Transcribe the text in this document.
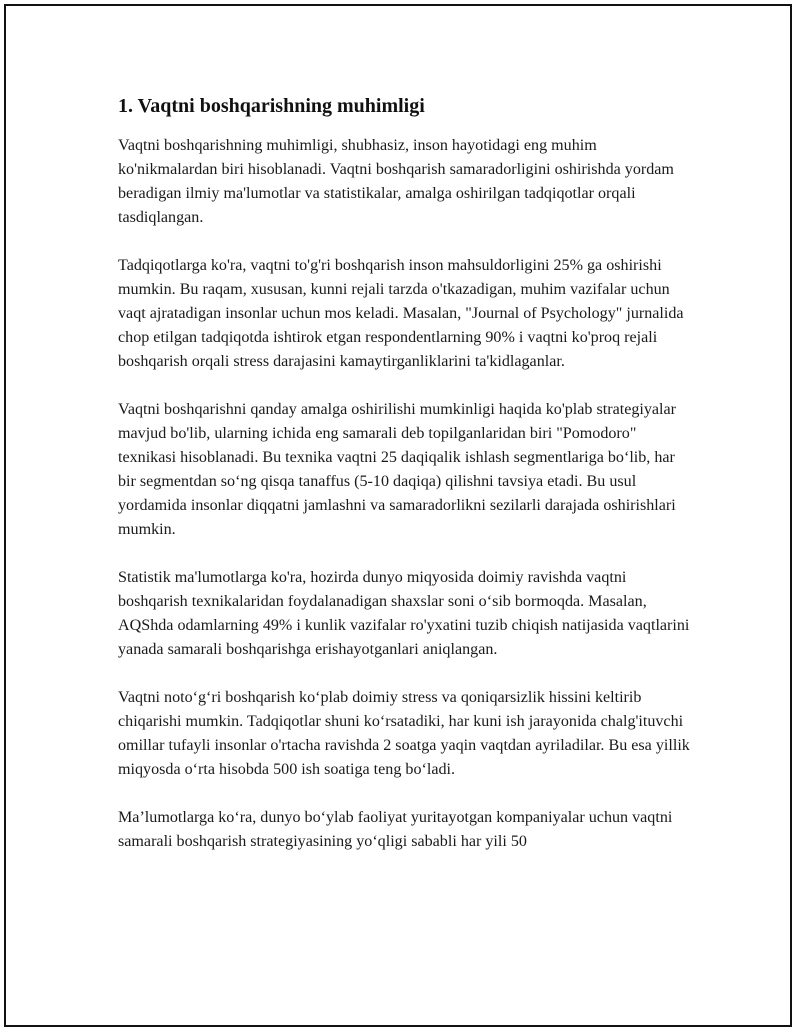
1. Vaqtni boshqarishning muhimligi

Vaqtni boshqarishning muhimligi, shubhasiz, inson hayotidagi eng muhim ko'nikmalardan biri hisoblanadi. Vaqtni boshqarish samaradorligini oshirishda yordam beradigan ilmiy ma'lumotlar va statistikalar, amalga oshirilgan tadqiqotlar orqali tasdiqlangan.

Tadqiqotlarga ko'ra, vaqtni to'g'ri boshqarish inson mahsuldorligini 25% ga oshirishi mumkin. Bu raqam, xususan, kunni rejali tarzda o'tkazadigan, muhim vazifalar uchun vaqt ajratadigan insonlar uchun mos keladi. Masalan, "Journal of Psychology" jurnalida chop etilgan tadqiqotda ishtirok etgan respondentlarning 90% i vaqtni ko'proq rejali boshqarish orqali stress darajasini kamaytirganliklarini ta'kidlaganlar.

Vaqtni boshqarishni qanday amalga oshirilishi mumkinligi haqida ko'plab strategiyalar mavjud bo'lib, ularning ichida eng samarali deb topilganlaridan biri "Pomodoro" texnikasi hisoblanadi. Bu texnika vaqtni 25 daqiqalik ishlash segmentlariga bo‘lib, har bir segmentdan so‘ng qisqa tanaffus (5-10 daqiqa) qilishni tavsiya etadi. Bu usul yordamida insonlar diqqatni jamlashni va samaradorlikni sezilarli darajada oshirishlari mumkin.

Statistik ma'lumotlarga ko'ra, hozirda dunyo miqyosida doimiy ravishda vaqtni boshqarish texnikalaridan foydalanadigan shaxslar soni o‘sib bormoqda. Masalan, AQShda odamlarning 49% i kunlik vazifalar ro'yxatini tuzib chiqish natijasida vaqtlarini yanada samarali boshqarishga erishayotganlari aniqlangan.

Vaqtni noto‘g‘ri boshqarish ko‘plab doimiy stress va qoniqarsizlik hissini keltirib chiqarishi mumkin. Tadqiqotlar shuni ko‘rsatadiki, har kuni ish jarayonida chalg'ituvchi omillar tufayli insonlar o'rtacha ravishda 2 soatga yaqin vaqtdan ayriladilar. Bu esa yillik miqyosda o‘rta hisobda 500 ish soatiga teng bo‘ladi.

Ma’lumotlarga ko‘ra, dunyo bo‘ylab faoliyat yuritayotgan kompaniyalar uchun vaqtni samarali boshqarish strategiyasining yo‘qligi sababli har yili 50
